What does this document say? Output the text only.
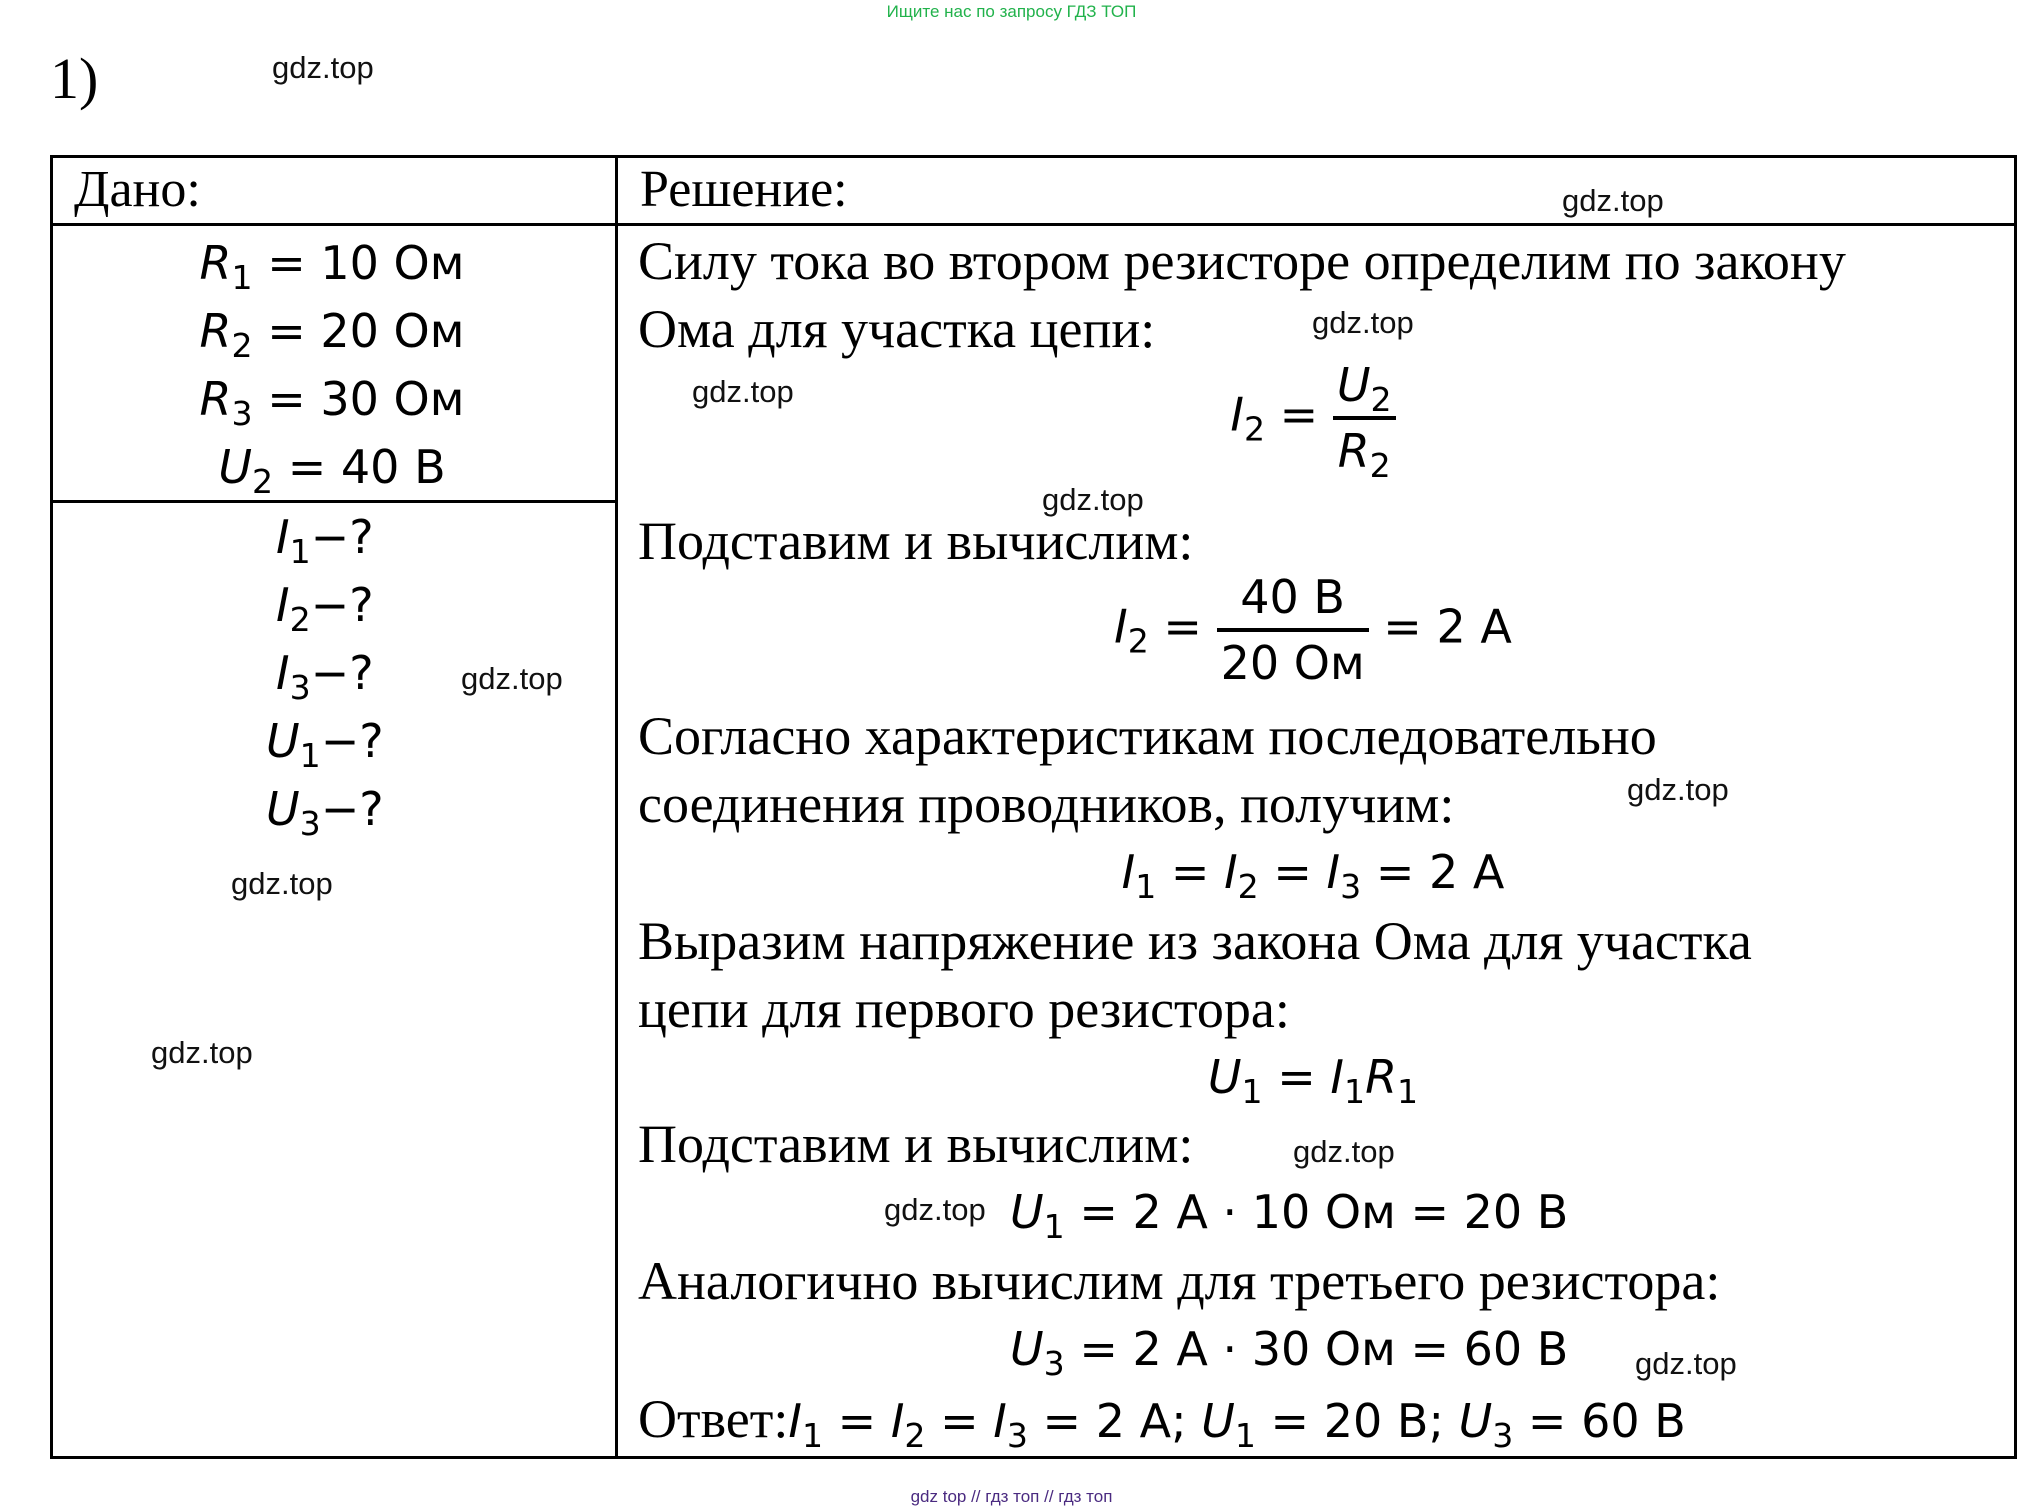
Ищите нас по запросу ГДЗ ТОП
gdz top // гдз топ // гдз топ
1)	gdz.top
gdz.top
gdz.top
gdz.top
gdz.top
gdz.top
gdz.top
gdz.top
gdz.top
gdz.top
gdz.top
gdz.top
Дано:	Решение:
$R_1 = 10$ Ом
$R_2 = 20$ Ом
$R_3 = 30$ Ом
$U_2 = 40$ В
$I_1-$?
$I_2-$?
$I_3-$?
$U_1-$?
$U_3-$?
Силу тока во втором резисторе определим по закону
Ома для участка цепи:
$I_2 = \frac{U_2}{R_2}$
Подставим и вычислим:
$I_2 = \frac{40 В}{20 Ом} = 2$ А
Согласно характеристикам последовательно
соединения проводников, получим:
$I_1 = I_2 = I_3 = 2$ А
Выразим напряжение из закона Ома для участка
цепи для первого резистора:
$U_1 = I_1R_1$
Подставим и вычислим:
$U_1 = 2$ А · 10 Ом = 20 В
Аналогично вычислим для третьего резистора:
$U_3 = 2$ А · 30 Ом = 60 В
$Ответ:I_1 = I_2 = I_3 = 2$ А; $U_1 = 20$ В; $U_3 = 60$ В
